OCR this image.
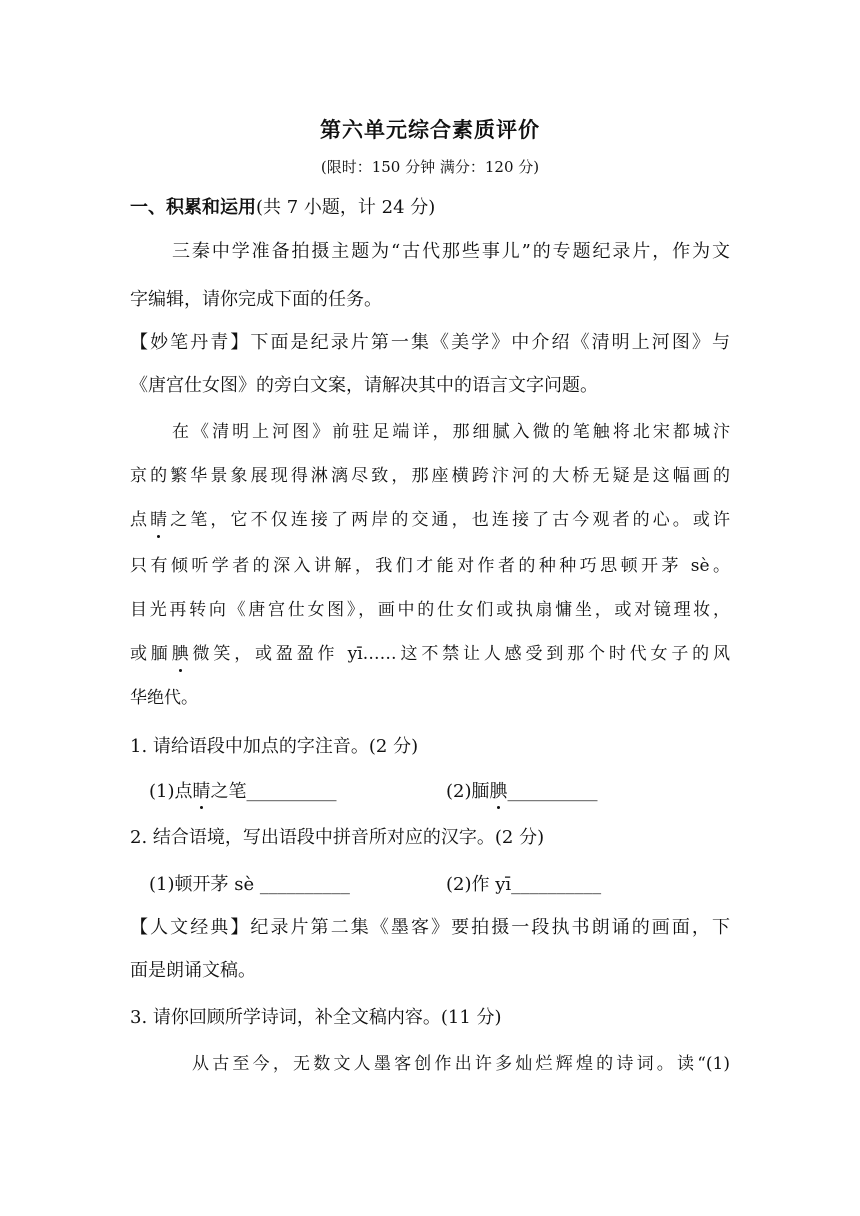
第六单元综合素质评价
(限时：150 分钟 满分：120 分)
一、积累和运用(共 7 小题，计 24 分)
三秦中学准备拍摄主题为“古代那些事儿”的专题纪录片，作为文
字编辑，请你完成下面的任务。
【妙笔丹青】下面是纪录片第一集《美学》中介绍《清明上河图》与
《唐宫仕女图》的旁白文案，请解决其中的语言文字问题。
在《清明上河图》前驻足端详，那细腻入微的笔触将北宋都城汴
京的繁华景象展现得淋漓尽致，那座横跨汴河的大桥无疑是这幅画的
点睛之笔，它不仅连接了两岸的交通，也连接了古今观者的心。或许
只有倾听学者的深入讲解，我们才能对作者的种种巧思顿开茅 sè。
目光再转向《唐宫仕女图》，画中的仕女们或执扇慵坐，或对镜理妆，
或腼腆微笑，或盈盈作 yī……这不禁让人感受到那个时代女子的风
华绝代。
1. 请给语段中加点的字注音。(2 分)
(1)点睛之笔__________	(2)腼腆__________
2. 结合语境，写出语段中拼音所对应的汉字。(2 分)
(1)顿开茅 sè __________	(2)作 yī__________
【人文经典】纪录片第二集《墨客》要拍摄一段执书朗诵的画面，下
面是朗诵文稿。
3. 请你回顾所学诗词，补全文稿内容。(11 分)
从古至今，无数文人墨客创作出许多灿烂辉煌的诗词。读“(1)
